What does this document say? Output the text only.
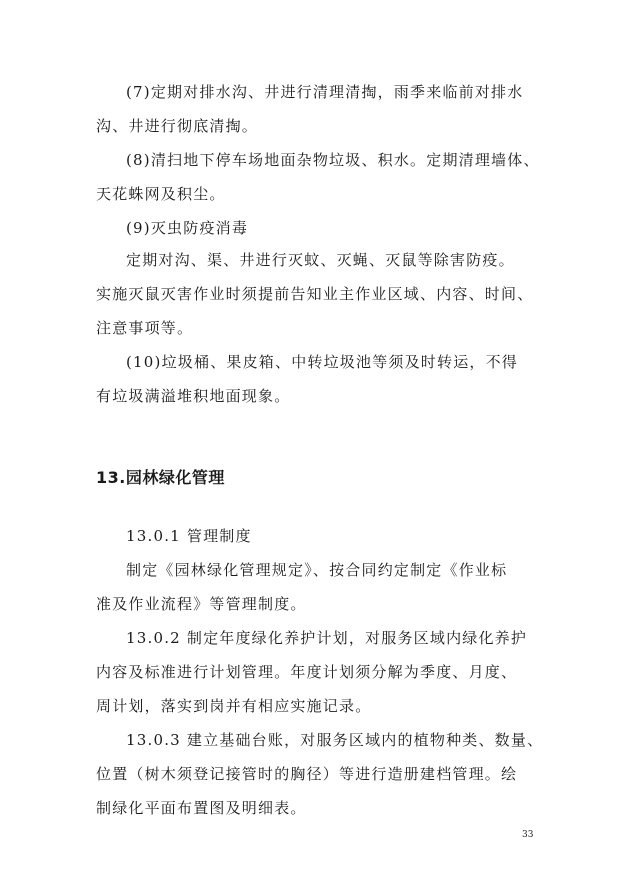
(7)定期对排水沟、井进行清理清掏，雨季来临前对排水
沟、井进行彻底清掏。
(8)清扫地下停车场地面杂物垃圾、积水。定期清理墙体、
天花蛛网及积尘。
(9)灭虫防疫消毒
定期对沟、渠、井进行灭蚊、灭蝇、灭鼠等除害防疫。
实施灭鼠灭害作业时须提前告知业主作业区域、内容、时间、
注意事项等。
(10)垃圾桶、果皮箱、中转垃圾池等须及时转运，不得
有垃圾满溢堆积地面现象。
13.园林绿化管理
13.0.1 管理制度
制定《园林绿化管理规定》、按合同约定制定《作业标
准及作业流程》等管理制度。
13.0.2 制定年度绿化养护计划，对服务区域内绿化养护
内容及标准进行计划管理。年度计划须分解为季度、月度、
周计划，落实到岗并有相应实施记录。
13.0.3 建立基础台账，对服务区域内的植物种类、数量、
位置（树木须登记接管时的胸径）等进行造册建档管理。绘
制绿化平面布置图及明细表。
33
